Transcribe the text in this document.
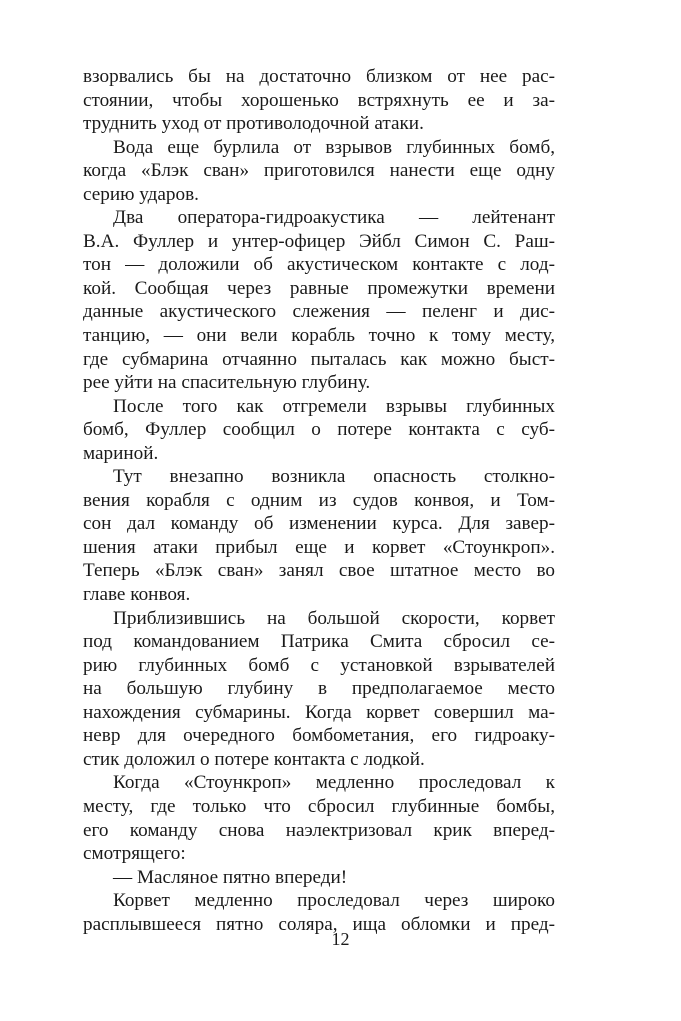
взорвались бы на достаточно близком от нее рас-
стоянии, чтобы хорошенько встряхнуть ее и за-
труднить уход от противолодочной атаки.
Вода еще бурлила от взрывов глубинных бомб,
когда «Блэк сван» приготовился нанести еще одну
серию ударов.
Два оператора-гидроакустика — лейтенант
В.А. Фуллер и унтер-офицер Эйбл Симон С. Раш-
тон — доложили об акустическом контакте с лод-
кой. Сообщая через равные промежутки времени
данные акустического слежения — пеленг и дис-
танцию, — они вели корабль точно к тому месту,
где субмарина отчаянно пыталась как можно быст-
рее уйти на спасительную глубину.
После того как отгремели взрывы глубинных
бомб, Фуллер сообщил о потере контакта с суб-
мариной.
Тут внезапно возникла опасность столкно-
вения корабля с одним из судов конвоя, и Том-
сон дал команду об изменении курса. Для завер-
шения атаки прибыл еще и корвет «Стоункроп».
Теперь «Блэк сван» занял свое штатное место во
главе конвоя.
Приблизившись на большой скорости, корвет
под командованием Патрика Смита сбросил се-
рию глубинных бомб с установкой взрывателей
на большую глубину в предполагаемое место
нахождения субмарины. Когда корвет совершил ма-
невр для очередного бомбометания, его гидроаку-
стик доложил о потере контакта с лодкой.
Когда «Стоункроп» медленно проследовал к
месту, где только что сбросил глубинные бомбы,
его команду снова наэлектризовал крик вперед-
смотрящего:
— Масляное пятно впереди!
Корвет медленно проследовал через широко
расплывшееся пятно соляра, ища обломки и пред-
12
